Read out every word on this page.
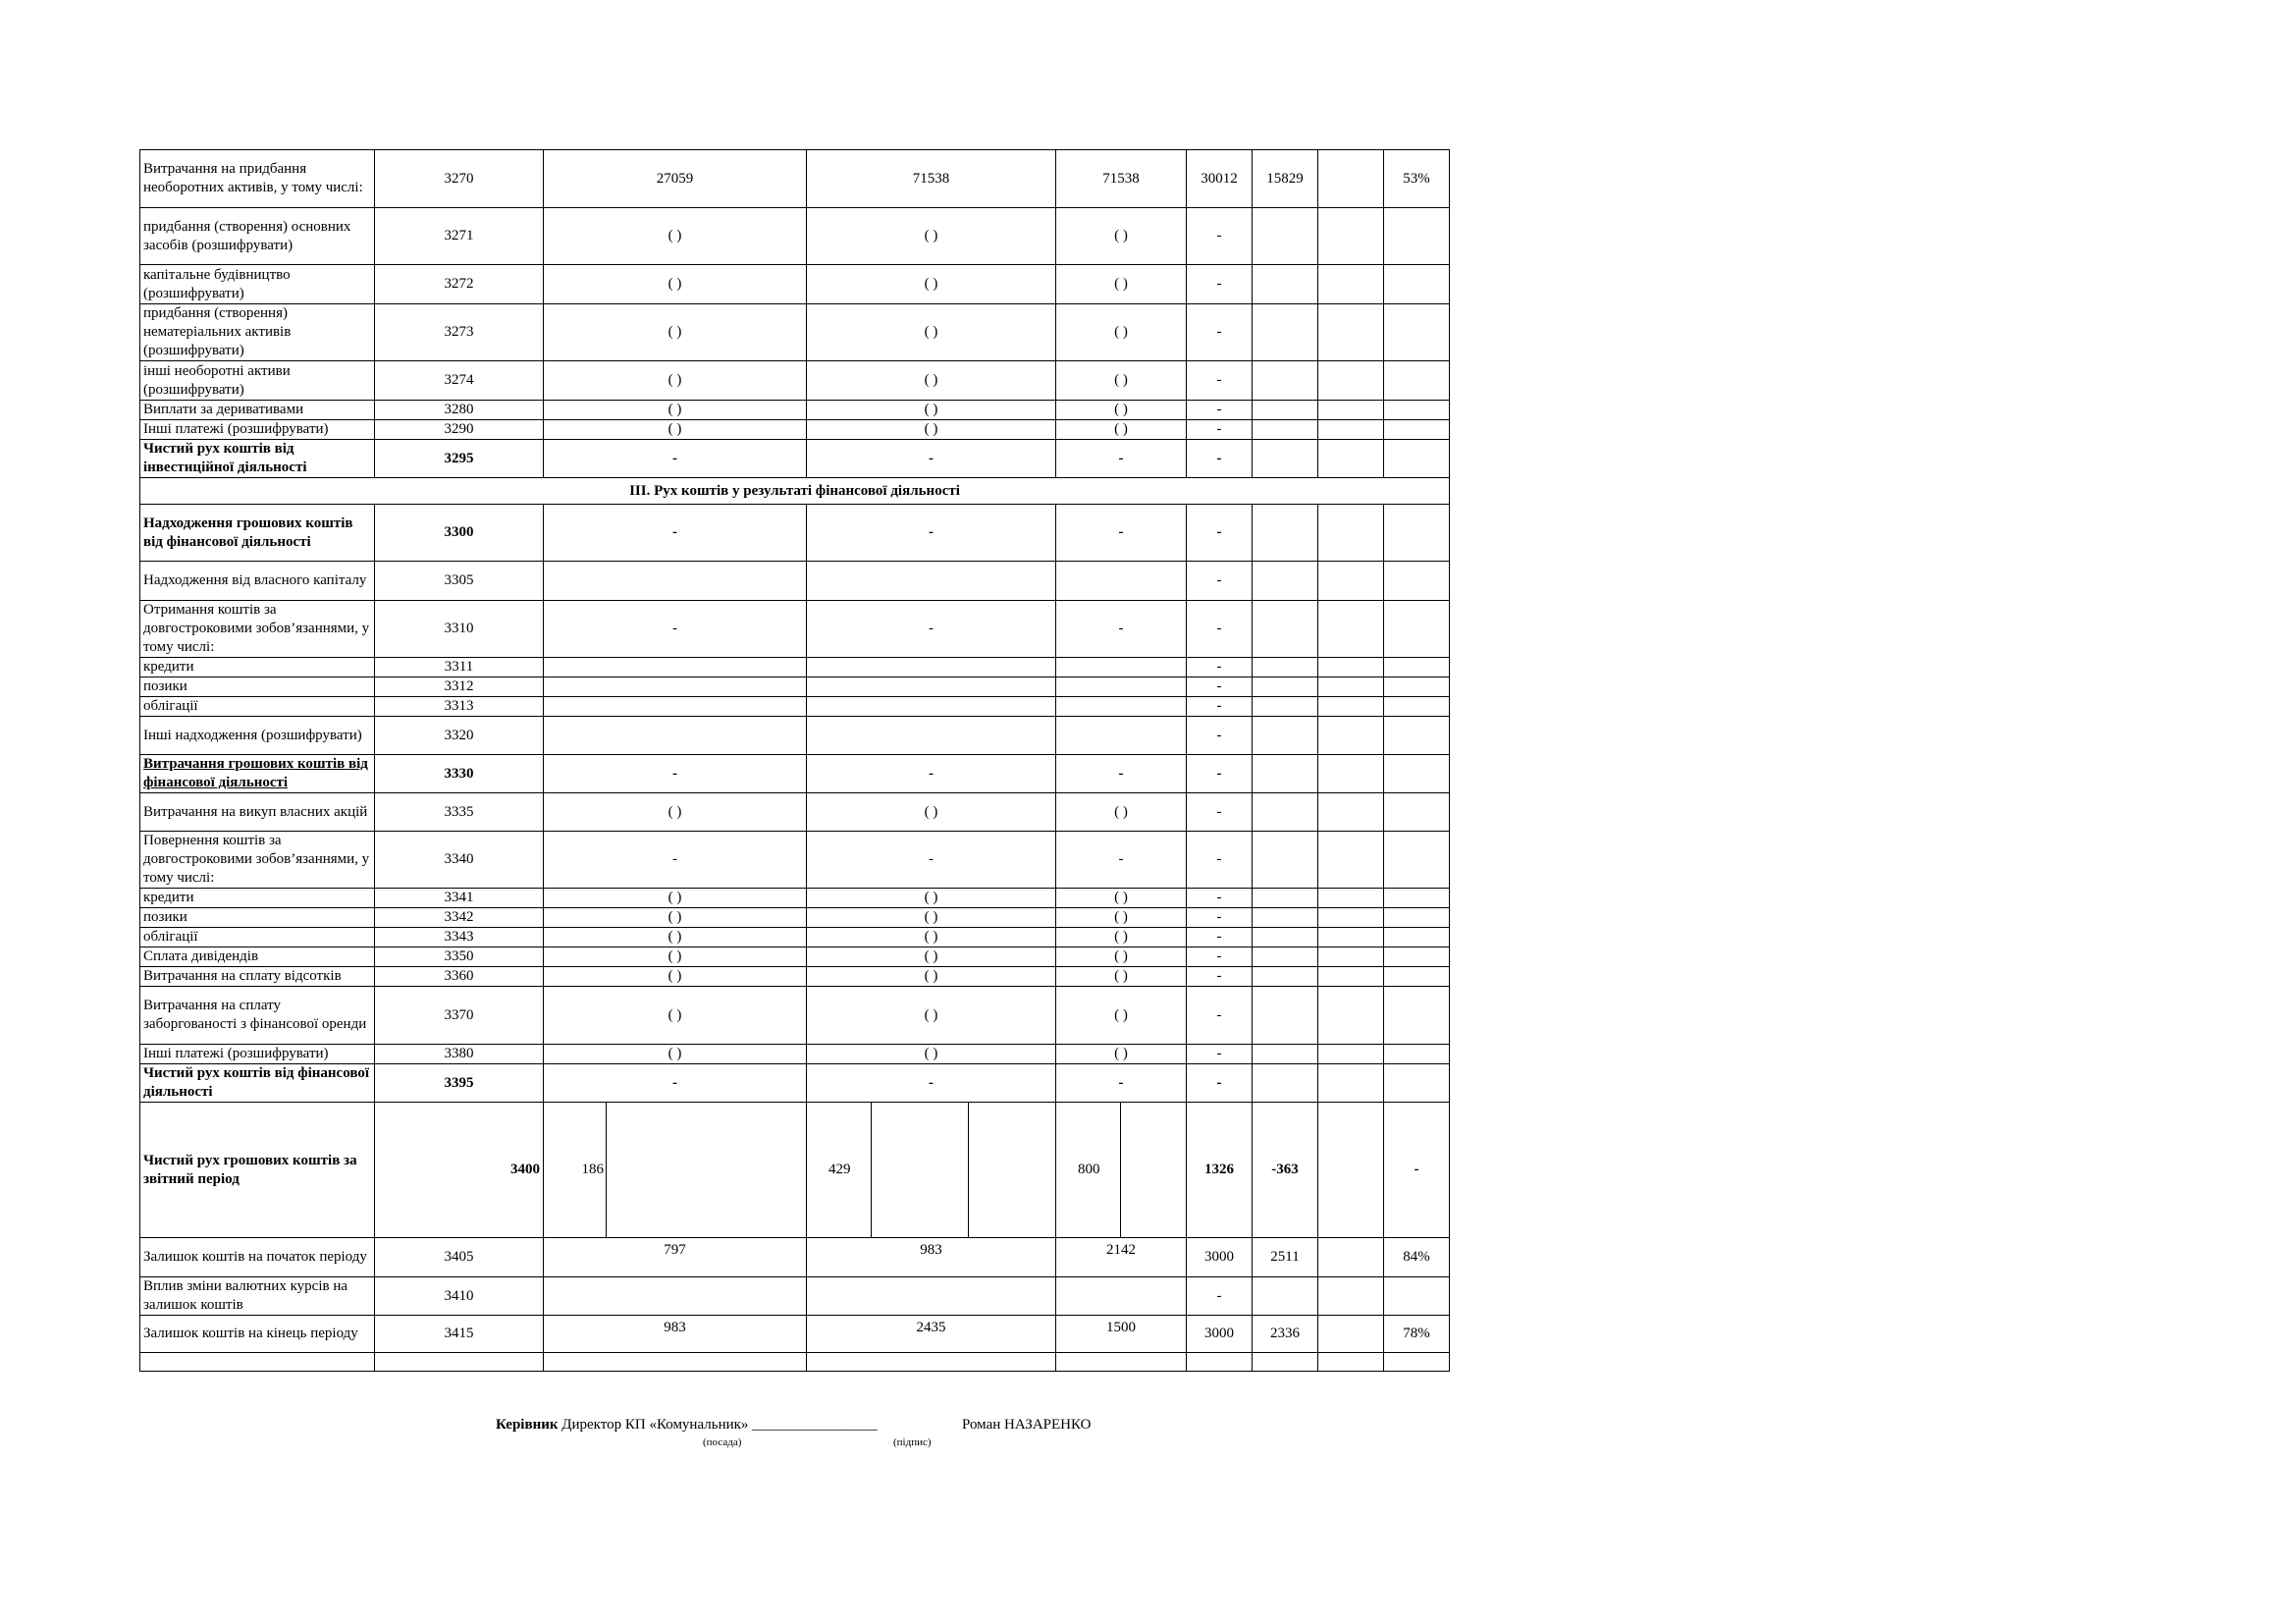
Витрачання на придбання необоротних активів, у тому числі:	3270	27059	71538	71538	30012	15829		53%
придбання (створення) основних засобів (розшифрувати)	3271	( )	( )	( )	-			
капітальне будівництво (розшифрувати)	3272	( )	( )	( )	-			
придбання (створення) нематеріальних активів (розшифрувати)	3273	( )	( )	( )	-			
інші необоротні активи (розшифрувати)	3274	( )	( )	( )	-			
Виплати за деривативами	3280	( )	( )	( )	-			
Інші платежі (розшифрувати)	3290	( )	( )	( )	-			
Чистий рух коштів від інвестиційної діяльності	3295	-	-	-	-			
ІІІ. Рух коштів у результаті фінансової діяльності								
Надходження грошових коштів від фінансової діяльності	3300	-	-	-	-			
Надходження від власного капіталу	3305				-			
Отримання коштів за довгостроковими зобов’язаннями, у тому числі:	3310	-	-	-	-			
кредити	3311				-			
позики	3312				-			
облігації	3313				-			
Інші надходження (розшифрувати)	3320				-			
Витрачання грошових коштів від фінансової діяльності	3330	-	-	-	-			
Витрачання на викуп власних акцій	3335	( )	( )	( )	-			
Повернення коштів за довгостроковими зобов’язаннями, у тому числі:	3340	-	-	-	-			
кредити	3341	( )	( )	( )	-			
позики	3342	( )	( )	( )	-			
облігації	3343	( )	( )	( )	-			
Сплата дивідендів	3350	( )	( )	( )	-			
Витрачання на сплату відсотків	3360	( )	( )	( )	-			
Витрачання на сплату заборгованості з фінансової оренди	3370	( )	( )	( )	-			
Інші платежі (розшифрувати)	3380	( )	( )	( )	-			
Чистий рух коштів від фінансової діяльності	3395	-	-	-	-			
Чистий рух грошових коштів за звітний період	3400	186	429	800	1326	-363		-
Залишок коштів на початок періоду	3405	797	983	2142	3000	2511		84%
Вплив зміни валютних курсів на залишок коштів	3410				-			
Залишок коштів на кінець періоду	3415	983	2435	1500	3000	2336		78%

Керівник Директор КП «Комунальник» _________________	Роман НАЗАРЕНКО
(посада)	(підпис)
